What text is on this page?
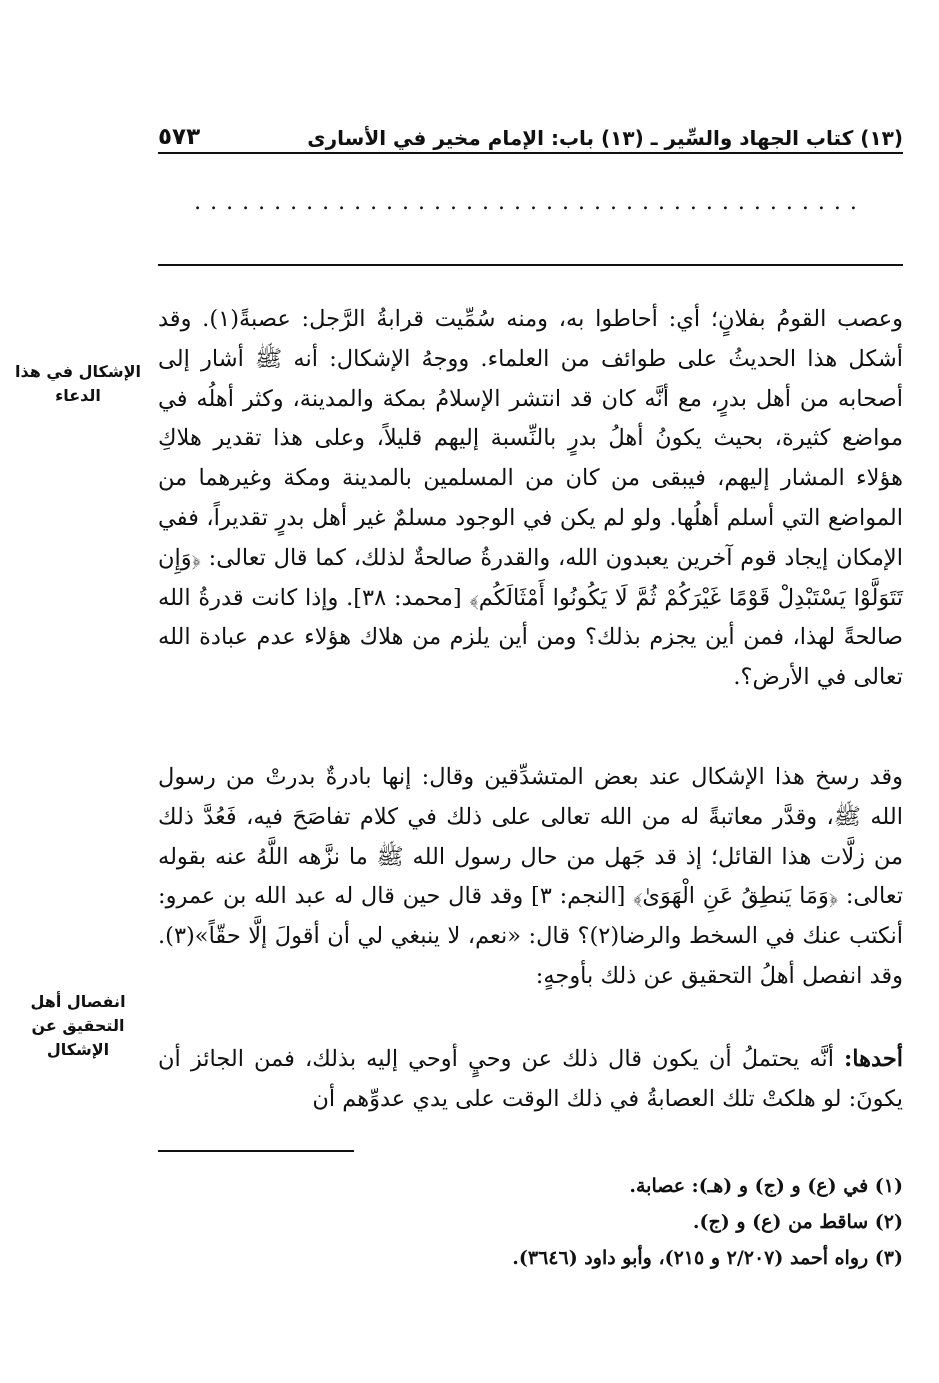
(١٣) كتاب الجهاد والسِّير ـ (١٣) باب: الإمام مخير في الأسارى
٥٧٣
..........................................
الإشكال في هذا الدعاء
انفصال أهل التحقيق عن الإشكال

وعصب القومُ بفلانٍ؛ أي: أحاطوا به، ومنه سُمِّيت قرابةُ الرَّجل: عصبةً(١). وقد أشكل هذا الحديثُ على طوائف من العلماء. ووجهُ الإشكال: أنه ﷺ أشار إلى أصحابه من أهل بدرٍ، مع أنَّه كان قد انتشر الإسلامُ بمكة والمدينة، وكثر أهلُه في مواضع كثيرة، بحيث يكونُ أهلُ بدرٍ بالنِّسبة إليهم قليلاً، وعلى هذا تقدير هلاكِ هؤلاء المشار إليهم، فيبقى من كان من المسلمين بالمدينة ومكة وغيرهما من المواضع التي أسلم أهلُها. ولو لم يكن في الوجود مسلمٌ غير أهل بدرٍ تقديراً، ففي الإمكان إيجاد قوم آخرين يعبدون الله، والقدرةُ صالحةٌ لذلك، كما قال تعالى: ﴿وَإِن تَتَوَلَّوْا يَسْتَبْدِلْ قَوْمًا غَيْرَكُمْ ثُمَّ لَا يَكُونُوا أَمْثَالَكُم﴾ [محمد: ٣٨]. وإذا كانت قدرةُ الله صالحةً لهذا، فمن أين يجزم بذلك؟ ومن أين يلزم من هلاك هؤلاء عدم عبادة الله تعالى في الأرض؟.

وقد رسخ هذا الإشكال عند بعض المتشدِّقين وقال: إنها بادرةٌ بدرتْ من رسول الله ﷺ، وقدَّر معاتبةً له من الله تعالى على ذلك في كلام تفاصَحَ فيه، فَعُدَّ ذلك من زلَّات هذا القائل؛ إذ قد جَهل من حال رسول الله ﷺ ما نزَّهه اللَّهُ عنه بقوله تعالى: ﴿وَمَا يَنطِقُ عَنِ الْهَوَىٰ﴾ [النجم: ٣] وقد قال حين قال له عبد الله بن عمرو: أنكتب عنك في السخط والرضا(٢)؟ قال: «نعم، لا ينبغي لي أن أقولَ إلَّا حقّاً»(٣). وقد انفصل أهلُ التحقيق عن ذلك بأوجهٍ:

أحدها: أنَّه يحتملُ أن يكون قال ذلك عن وحيٍ أوحي إليه بذلك، فمن الجائز أن يكونَ: لو هلكتْ تلك العصابةُ في ذلك الوقت على يدي عدوِّهم أن

(١) في (ع) و (ج) و (هـ): عصابة.
(٢) ساقط من (ع) و (ج).
(٣) رواه أحمد (٢/٢٠٧ و ٢١٥)، وأبو داود (٣٦٤٦).
